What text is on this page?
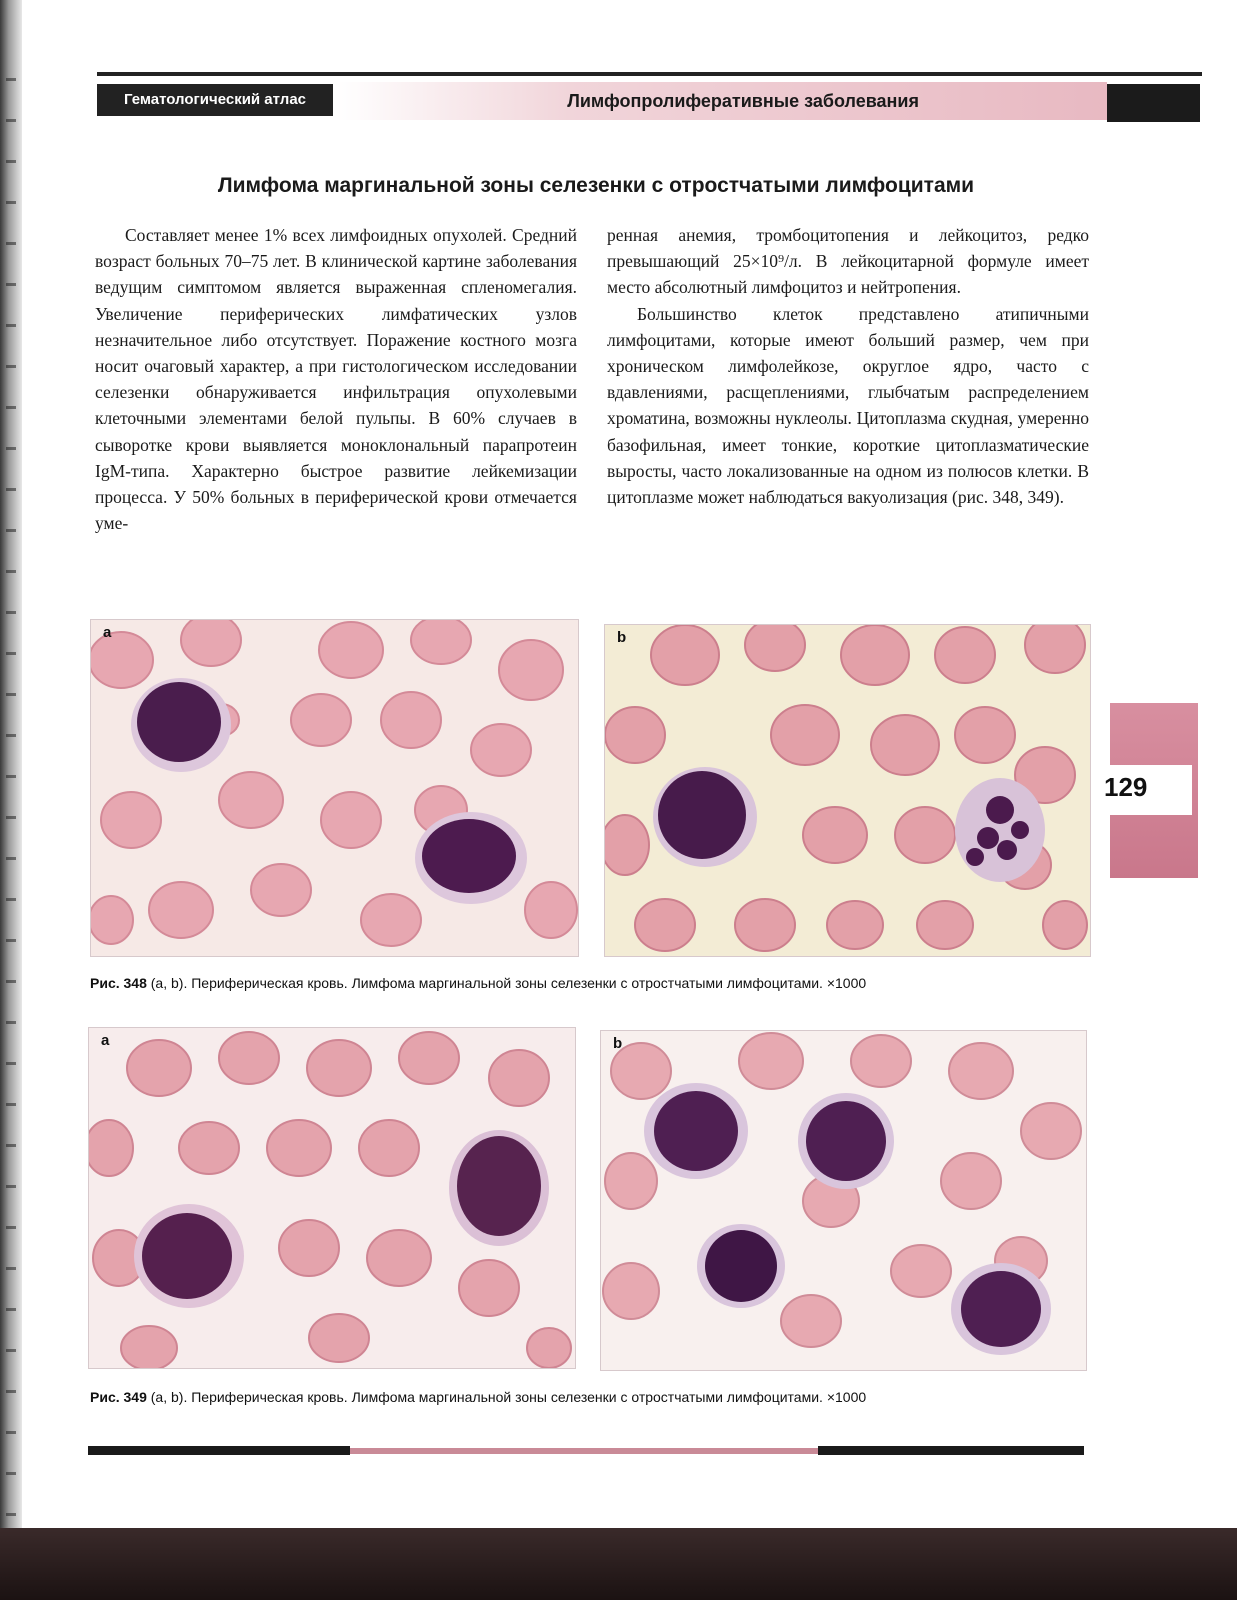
Гематологический атлас	Лимфопролиферативные заболевания
Лимфома маргинальной зоны селезенки с отростчатыми лимфоцитами

Составляет менее 1% всех лимфоидных опухолей. Средний возраст больных 70–75 лет. В клинической картине заболевания ведущим симптомом является выраженная спленомегалия. Увеличение периферических лимфатических узлов незначительное либо отсутствует. Поражение костного мозга носит очаговый характер, а при гистологическом исследовании селезенки обнаруживается инфильтрация опухолевыми клеточными элементами белой пульпы. В 60% случаев в сыворотке крови выявляется моноклональный парапротеин IgM-типа. Характерно быстрое развитие лейкемизации процесса. У 50% больных в периферической крови отмечается уме-

ренная анемия, тромбоцитопения и лейкоцитоз, редко превышающий 25×10⁹/л. В лейкоцитарной формуле имеет место абсолютный лимфоцитоз и нейтропения.

Большинство клеток представлено атипичными лимфоцитами, которые имеют больший размер, чем при хроническом лимфолейкозе, округлое ядро, часто с вдавлениями, расщеплениями, глыбчатым распределением хроматина, возможны нуклеолы. Цитоплазма скудная, умеренно базофильная, имеет тонкие, короткие цитоплазматические выросты, часто локализованные на одном из полюсов клетки. В цитоплазме может наблюдаться вакуолизация (рис. 348, 349).

a	b
Рис. 348 (a, b). Периферическая кровь. Лимфома маргинальной зоны селезенки с отростчатыми лимфоцитами. ×1000
a	b
Рис. 349 (a, b). Периферическая кровь. Лимфома маргинальной зоны селезенки с отростчатыми лимфоцитами. ×1000
129
